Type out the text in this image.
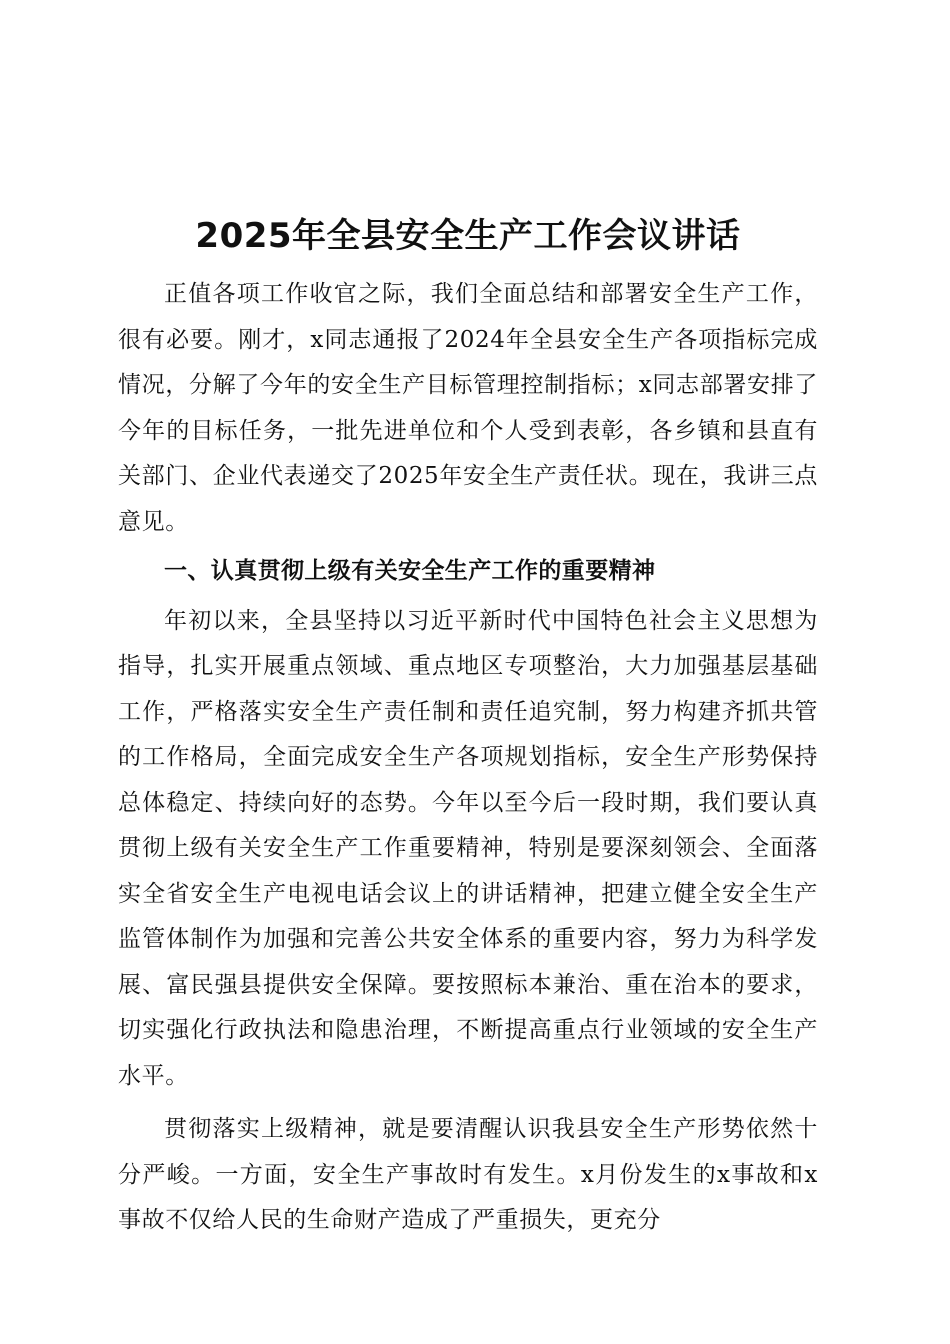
2025年全县安全生产工作会议讲话

正值各项工作收官之际，我们全面总结和部署安全生产工作，很有必要。刚才，x同志通报了2024年全县安全生产各项指标完成情况，分解了今年的安全生产目标管理控制指标；x同志部署安排了今年的目标任务，一批先进单位和个人受到表彰，各乡镇和县直有关部门、企业代表递交了2025年安全生产责任状。现在，我讲三点意见。

一、认真贯彻上级有关安全生产工作的重要精神

年初以来，全县坚持以习近平新时代中国特色社会主义思想为指导，扎实开展重点领域、重点地区专项整治，大力加强基层基础工作，严格落实安全生产责任制和责任追究制，努力构建齐抓共管的工作格局，全面完成安全生产各项规划指标，安全生产形势保持总体稳定、持续向好的态势。今年以至今后一段时期，我们要认真贯彻上级有关安全生产工作重要精神，特别是要深刻领会、全面落实全省安全生产电视电话会议上的讲话精神，把建立健全安全生产监管体制作为加强和完善公共安全体系的重要内容，努力为科学发展、富民强县提供安全保障。要按照标本兼治、重在治本的要求，切实强化行政执法和隐患治理，不断提高重点行业领域的安全生产水平。

贯彻落实上级精神，就是要清醒认识我县安全生产形势依然十分严峻。一方面，安全生产事故时有发生。x月份发生的x事故和x事故不仅给人民的生命财产造成了严重损失，更充分
